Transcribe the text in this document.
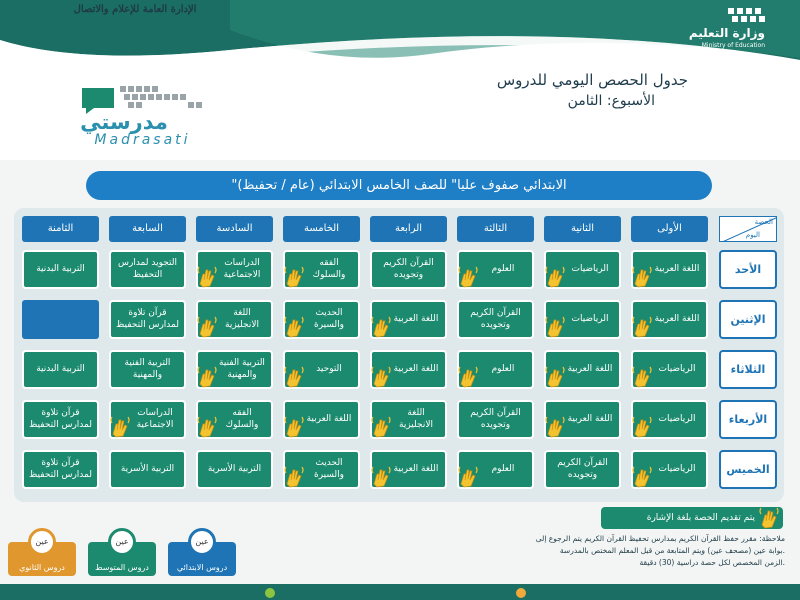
وزارة التعليم
Ministry of Education
الإدارة العامة للإعلام والاتصال
جدول الحصص اليومي للدروس
الأسبوع: الثامن
مدرستي
Madrasati
"الابتدائي صفوف عليا" للصف الخامس الابتدائي (عام / تحفيظ)
الحصة
اليوم
الأولى
الثانية
الثالثة
الرابعة
الخامسة
السادسة
السابعة
الثامنة
الأحد
اللغة العربية
الرياضيات
العلوم
القرآن الكريم وتجويده
الفقه والسلوك
الدراسات الاجتماعية
التجويد لمدارس التحفيظ
التربية البدنية
الإثنين
اللغة العربية
الرياضيات
القرآن الكريم وتجويده
اللغة العربية
الحديث والسيرة
اللغة الانجليزية
قرآن تلاوة لمدارس التحفيظ
الثلاثاء
الرياضيات
اللغة العربية
العلوم
اللغة العربية
التوحيد
التربية الفنية والمهنية
التربية الفنية والمهنية
التربية البدنية
الأربعاء
الرياضيات
اللغة العربية
القرآن الكريم وتجويده
اللغة الانجليزية
اللغة العربية
الفقه والسلوك
الدراسات الاجتماعية
قرآن تلاوة لمدارس التحفيظ
الخميس
الرياضيات
القرآن الكريم وتجويده
العلوم
اللغة العربية
الحديث والسيرة
التربية الأسرية
التربية الأسرية
قرآن تلاوة لمدارس التحفيظ
يتم تقديم الحصة بلغة الإشارة
ملاحظة: مقرر حفظ القرآن الكريم بمدارس تحفيظ القرآن الكريم يتم الرجوع إلى
بوابة عين (مصحف عين) ويتم المتابعة من قبل المعلم المختص بالمدرسة.
الزمن المخصص لكل حصة دراسية (30) دقيقة.
عين
دروس الابتدائي
عين
دروس المتوسط
عين
دروس الثانوي
